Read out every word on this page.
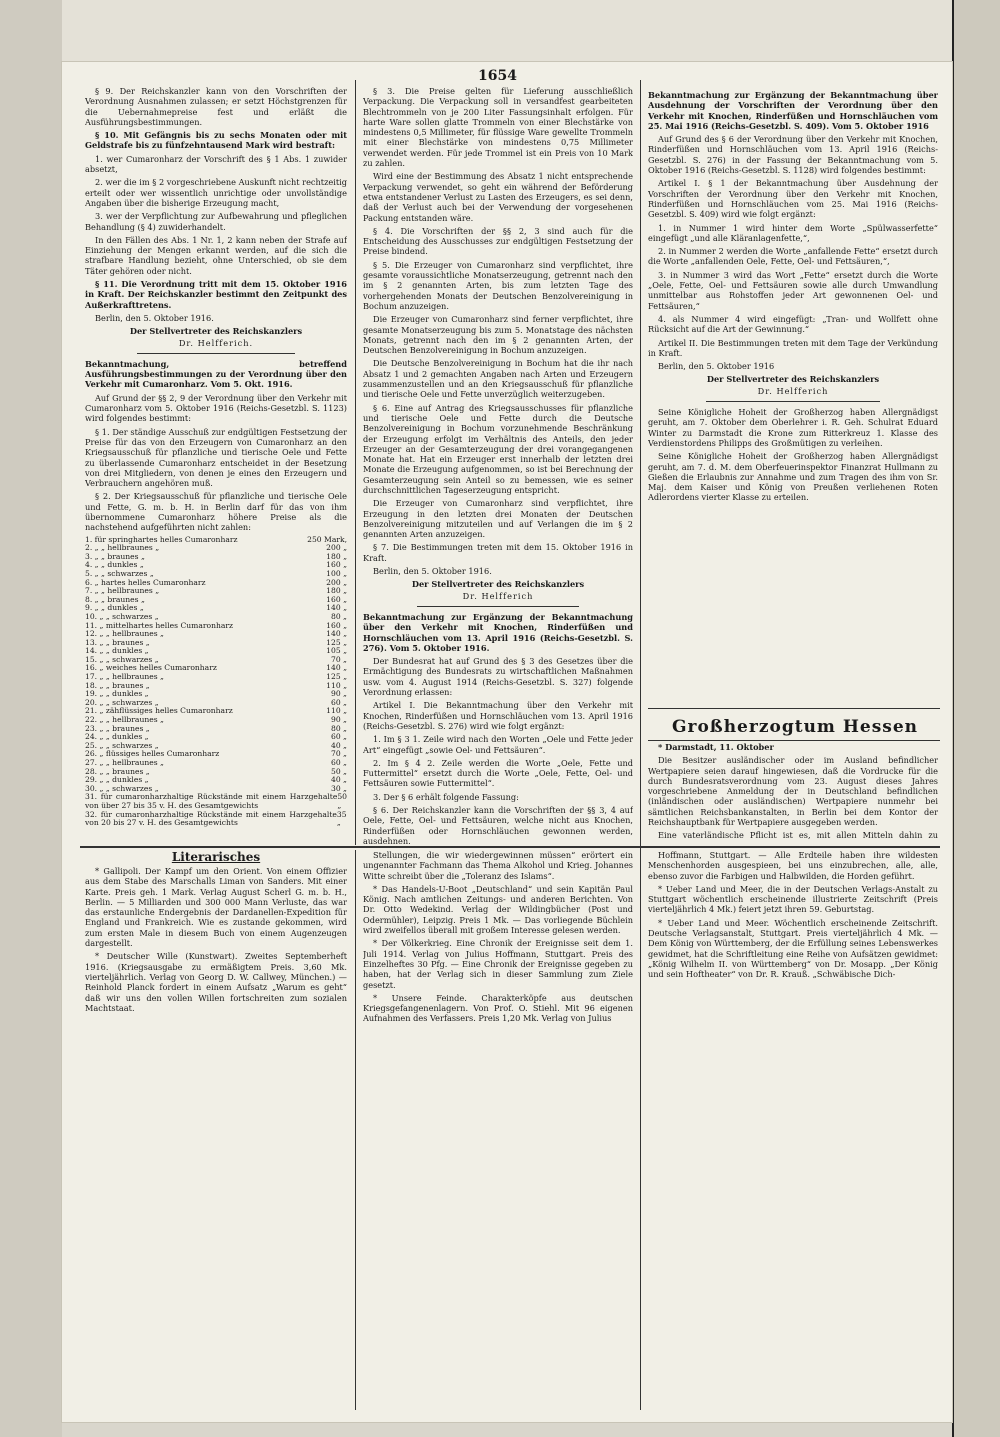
1654

§ 9. Der Reichskanzler kann von den Vorschriften der Verordnung Ausnahmen zulassen; er setzt Höchstgrenzen für die Uebernahmepreise fest und erläßt die Ausführungsbestimmungen.

§ 10. Mit Gefängnis bis zu sechs Monaten oder mit Geldstrafe bis zu fünfzehntausend Mark wird bestraft:

1. wer Cumaronharz der Vorschrift des § 1 Abs. 1 zuwider absetzt,

2. wer die im § 2 vorgeschriebene Auskunft nicht rechtzeitig erteilt oder wer wissentlich unrichtige oder unvollständige Angaben über die bisherige Erzeugung macht,

3. wer der Verpflichtung zur Aufbewahrung und pfleglichen Behandlung (§ 4) zuwiderhandelt.

In den Fällen des Abs. 1 Nr. 1, 2 kann neben der Strafe auf Einziehung der Mengen erkannt werden, auf die sich die strafbare Handlung bezieht, ohne Unterschied, ob sie dem Täter gehören oder nicht.

§ 11. Die Verordnung tritt mit dem 15. Oktober 1916 in Kraft. Der Reichskanzler bestimmt den Zeitpunkt des Außerkrafttretens.

Berlin, den 5. Oktober 1916.

Der Stellvertreter des Reichskanzlers

Dr. Helfferich.

Bekanntmachung, betreffend Ausführungsbestimmungen zu der Verordnung über den Verkehr mit Cumaronharz. Vom 5. Okt. 1916.

Auf Grund der §§ 2, 9 der Verordnung über den Verkehr mit Cumaronharz vom 5. Oktober 1916 (Reichs-Gesetzbl. S. 1123) wird folgendes bestimmt:

§ 1. Der ständige Ausschuß zur endgültigen Festsetzung der Preise für das von den Erzeugern von Cumaronharz an den Kriegsausschuß für pflanzliche und tierische Oele und Fette zu überlassende Cumaronharz entscheidet in der Besetzung von drei Mitgliedern, von denen je eines den Erzeugern und Verbrauchern angehören muß.

§ 2. Der Kriegsausschuß für pflanzliche und tierische Oele und Fette, G. m. b. H. in Berlin darf für das von ihm übernommene Cumaronharz höhere Preise als die nachstehend aufgeführten nicht zahlen:

1. für springhartes helles Cumaronharz	250 Mark,
2. „ „ hellbraunes „	200 „
3. „ „ braunes „	180 „
4. „ „ dunkles „	160 „
5. „ „ schwarzes „	100 „
6. „ hartes helles Cumaronharz	200 „
7. „ „ hellbraunes „	180 „
8. „ „ braunes „	160 „
9. „ „ dunkles „	140 „
10. „ „ schwarzes „	80 „
11. „ mittelhartes helles Cumaronharz	160 „
12. „ „ hellbraunes „	140 „
13. „ „ braunes „	125 „
14. „ „ dunkles „	105 „
15. „ „ schwarzes „	70 „
16. „ weiches helles Cumaronharz	140 „
17. „ „ hellbraunes „	125 „
18. „ „ braunes „	110 „
19. „ „ dunkles „	90 „
20. „ „ schwarzes „	60 „
21. „ zähflüssiges helles Cumaronharz	110 „
22. „ „ hellbraunes „	90 „
23. „ „ braunes „	80 „
24. „ „ dunkles „	60 „
25. „ „ schwarzes „	40 „
26. „ flüssiges helles Cumaronharz	70 „
27. „ „ hellbraunes „	60 „
28. „ „ braunes „	50 „
29. „ „ dunkles „	40 „
30. „ „ schwarzes „	30 „
31. für cumaronharzhaltige Rückstände mit einem Harzgehalte von über 27 bis 35 v. H. des Gesamtgewichts
50 „
32. für cumaronharzhaltige Rückstände mit einem Harzgehalte von 20 bis 27 v. H. des Gesamtgewichts
35 „

§ 3. Die Preise gelten für Lieferung ausschließlich Verpackung. Die Verpackung soll in versandfest gearbeiteten Blechtrommeln von je 200 Liter Fassungsinhalt erfolgen. Für harte Ware sollen glatte Trommeln von einer Blechstärke von mindestens 0,5 Millimeter, für flüssige Ware gewellte Trommeln mit einer Blechstärke von mindestens 0,75 Millimeter verwendet werden. Für jede Trommel ist ein Preis von 10 Mark zu zahlen.

Wird eine der Bestimmung des Absatz 1 nicht entsprechende Verpackung verwendet, so geht ein während der Beförderung etwa entstandener Verlust zu Lasten des Erzeugers, es sei denn, daß der Verlust auch bei der Verwendung der vorgesehenen Packung entstanden wäre.

§ 4. Die Vorschriften der §§ 2, 3 sind auch für die Entscheidung des Ausschusses zur endgültigen Festsetzung der Preise bindend.

§ 5. Die Erzeuger von Cumaronharz sind verpflichtet, ihre gesamte voraussichtliche Monatserzeugung, getrennt nach den im § 2 genannten Arten, bis zum letzten Tage des vorhergehenden Monats der Deutschen Benzolvereinigung in Bochum anzuzeigen.

Die Erzeuger von Cumaronharz sind ferner verpflichtet, ihre gesamte Monatserzeugung bis zum 5. Monatstage des nächsten Monats, getrennt nach den im § 2 genannten Arten, der Deutschen Benzolvereinigung in Bochum anzuzeigen.

Die Deutsche Benzolvereinigung in Bochum hat die ihr nach Absatz 1 und 2 gemachten Angaben nach Arten und Erzeugern zusammenzustellen und an den Kriegsausschuß für pflanzliche und tierische Oele und Fette unverzüglich weiterzugeben.

§ 6. Eine auf Antrag des Kriegsausschusses für pflanzliche und tierische Oele und Fette durch die Deutsche Benzolvereinigung in Bochum vorzunehmende Beschränkung der Erzeugung erfolgt im Verhältnis des Anteils, den jeder Erzeuger an der Gesamterzeugung der drei vorangegangenen Monate hat. Hat ein Erzeuger erst innerhalb der letzten drei Monate die Erzeugung aufgenommen, so ist bei Berechnung der Gesamterzeugung sein Anteil so zu bemessen, wie es seiner durchschnittlichen Tageserzeugung entspricht.

Die Erzeuger von Cumaronharz sind verpflichtet, ihre Erzeugung in den letzten drei Monaten der Deutschen Benzolvereinigung mitzuteilen und auf Verlangen die im § 2 genannten Arten anzuzeigen.

§ 7. Die Bestimmungen treten mit dem 15. Oktober 1916 in Kraft.

Berlin, den 5. Oktober 1916.

Der Stellvertreter des Reichskanzlers

Dr. Helfferich

Bekanntmachung zur Ergänzung der Bekanntmachung über den Verkehr mit Knochen, Rinderfüßen und Hornschläuchen vom 13. April 1916 (Reichs-Gesetzbl. S. 276). Vom 5. Oktober 1916.

Der Bundesrat hat auf Grund des § 3 des Gesetzes über die Ermächtigung des Bundesrats zu wirtschaftlichen Maßnahmen usw. vom 4. August 1914 (Reichs-Gesetzbl. S. 327) folgende Verordnung erlassen:

Artikel I. Die Bekanntmachung über den Verkehr mit Knochen, Rinderfüßen und Hornschläuchen vom 13. April 1916 (Reichs-Gesetzbl. S. 276) wird wie folgt ergänzt:

1. Im § 3 1. Zeile wird nach den Worten „Oele und Fette jeder Art“ eingefügt „sowie Oel- und Fettsäuren“.

2. Im § 4 2. Zeile werden die Worte „Oele, Fette und Futtermittel“ ersetzt durch die Worte „Oele, Fette, Oel- und Fettsäuren sowie Futtermittel“.

3. Der § 6 erhält folgende Fassung:

§ 6. Der Reichskanzler kann die Vorschriften der §§ 3, 4 auf Oele, Fette, Oel- und Fettsäuren, welche nicht aus Knochen, Rinderfüßen oder Hornschläuchen gewonnen werden, ausdehnen.

Bekanntmachung zur Ergänzung der Bekanntmachung über Ausdehnung der Vorschriften der Verordnung über den Verkehr mit Knochen, Rinderfüßen und Hornschläuchen vom 25. Mai 1916 (Reichs-Gesetzbl. S. 409). Vom 5. Oktober 1916

Auf Grund des § 6 der Verordnung über den Verkehr mit Knochen, Rinderfüßen und Hornschläuchen vom 13. April 1916 (Reichs-Gesetzbl. S. 276) in der Fassung der Bekanntmachung vom 5. Oktober 1916 (Reichs-Gesetzbl. S. 1128) wird folgendes bestimmt:

Artikel I. § 1 der Bekanntmachung über Ausdehnung der Vorschriften der Verordnung über den Verkehr mit Knochen, Rinderfüßen und Hornschläuchen vom 25. Mai 1916 (Reichs-Gesetzbl. S. 409) wird wie folgt ergänzt:

1. in Nummer 1 wird hinter dem Worte „Spülwasserfette“ eingefügt „und alle Kläranlagenfette,“,

2. in Nummer 2 werden die Worte „anfallende Fette“ ersetzt durch die Worte „anfallenden Oele, Fette, Oel- und Fettsäuren,“,

3. in Nummer 3 wird das Wort „Fette“ ersetzt durch die Worte „Oele, Fette, Oel- und Fettsäuren sowie alle durch Umwandlung unmittelbar aus Rohstoffen jeder Art gewonnenen Oel- und Fettsäuren,“

4. als Nummer 4 wird eingefügt: „Tran- und Wollfett ohne Rücksicht auf die Art der Gewinnung.“

Artikel II. Die Bestimmungen treten mit dem Tage der Verkündung in Kraft.

Berlin, den 5. Oktober 1916

Der Stellvertreter des Reichskanzlers

Dr. Helfferich

Seine Königliche Hoheit der Großherzog haben Allergnädigst geruht, am 7. Oktober dem Oberlehrer i. R. Geh. Schulrat Eduard Winter zu Darmstadt die Krone zum Ritterkreuz 1. Klasse des Verdienstordens Philipps des Großmütigen zu verleihen.

Seine Königliche Hoheit der Großherzog haben Allergnädigst geruht, am 7. d. M. dem Oberfeuerinspektor Finanzrat Hullmann zu Gießen die Erlaubnis zur Annahme und zum Tragen des ihm von Sr. Maj. dem Kaiser und König von Preußen verliehenen Roten Adlerordens vierter Klasse zu erteilen.

Großherzogtum Hessen

* Darmstadt, 11. Oktober

Die Besitzer ausländischer oder im Ausland befindlicher Wertpapiere seien darauf hingewiesen, daß die Vordrucke für die durch Bundesratsverordnung vom 23. August dieses Jahres vorgeschriebene Anmeldung der in Deutschland befindlichen (inländischen oder ausländischen) Wertpapiere nunmehr bei sämtlichen Reichsbankanstalten, in Berlin bei dem Kontor der Reichshauptbank für Wertpapiere ausgegeben werden.

Eine vaterländische Pflicht ist es, mit allen Mitteln dahin zu

Literarisches

* Gallipoli. Der Kampf um den Orient. Von einem Offizier aus dem Stabe des Marschalls Liman von Sanders. Mit einer Karte. Preis geh. 1 Mark. Verlag August Scherl G. m. b. H., Berlin. — 5 Milliarden und 300 000 Mann Verluste, das war das erstaunliche Endergebnis der Dardanellen-Expedition für England und Frankreich. Wie es zustande gekommen, wird zum ersten Male in diesem Buch von einem Augenzeugen dargestellt.

* Deutscher Wille (Kunstwart). Zweites Septemberheft 1916. (Kriegsausgabe zu ermäßigtem Preis. 3,60 Mk. vierteljährlich. Verlag von Georg D. W. Callwey, München.) — Reinhold Planck fordert in einem Aufsatz „Warum es geht“ daß wir uns den vollen Willen fortschreiten zum sozialen Machtstaat.

Stellungen, die wir wiedergewinnen müssen“ erörtert ein ungenannter Fachmann das Thema Alkohol und Krieg. Johannes Witte schreibt über die „Toleranz des Islams“.

* Das Handels-U-Boot „Deutschland“ und sein Kapitän Paul König. Nach amtlichen Zeitungs- und anderen Berichten. Von Dr. Otto Wedekind. Verlag der Wildingbücher (Post und Odermühler), Leipzig. Preis 1 Mk. — Das vorliegende Büchlein wird zweifellos überall mit großem Interesse gelesen werden.

* Der Völkerkrieg. Eine Chronik der Ereignisse seit dem 1. Juli 1914. Verlag von Julius Hoffmann, Stuttgart. Preis des Einzelheftes 30 Pfg. — Eine Chronik der Ereignisse gegeben zu haben, hat der Verlag sich in dieser Sammlung zum Ziele gesetzt.

* Unsere Feinde. Charakterköpfe aus deutschen Kriegsgefangenenlagern. Von Prof. O. Stiehl. Mit 96 eigenen Aufnahmen des Verfassers. Preis 1,20 Mk. Verlag von Julius

Hoffmann, Stuttgart. — Alle Erdteile haben ihre wildesten Menschenhorden ausgespieen, bei uns einzubrechen, alle, alle, ebenso zuvor die Farbigen und Halbwilden, die Horden geführt.

* Ueber Land und Meer, die in der Deutschen Verlags-Anstalt zu Stuttgart wöchentlich erscheinende illustrierte Zeitschrift (Preis vierteljährlich 4 Mk.) feiert jetzt ihren 59. Geburtstag.

* Ueber Land und Meer. Wöchentlich erscheinende Zeitschrift. Deutsche Verlagsanstalt, Stuttgart. Preis vierteljährlich 4 Mk. — Dem König von Württemberg, der die Erfüllung seines Lebenswerkes gewidmet, hat die Schriftleitung eine Reihe von Aufsätzen gewidmet: „König Wilhelm II. von Württemberg“ von Dr. Mosapp. „Der König und sein Hoftheater“ von Dr. R. Krauß. „Schwäbische Dich-
